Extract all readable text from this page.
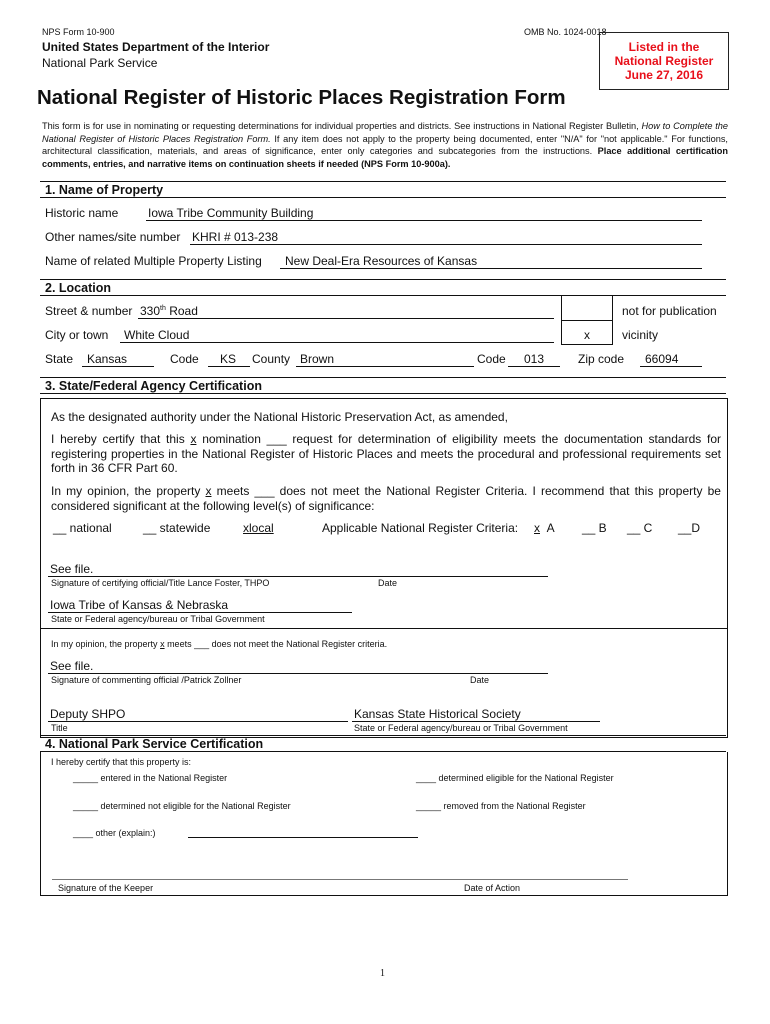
NPS Form 10-900	OMB No. 1024-0018
United States Department of the Interior
National Park Service
Listed in the
National Register
June 27, 2016
National Register of Historic Places Registration Form
This form is for use in nominating or requesting determinations for individual properties and districts. See instructions in National Register Bulletin, How to Complete the National Register of Historic Places Registration Form. If any item does not apply to the property being documented, enter "N/A" for "not applicable." For functions, architectural classification, materials, and areas of significance, enter only categories and subcategories from the instructions. Place additional certification comments, entries, and narrative items on continuation sheets if needed (NPS Form 10-900a).
1. Name of Property
Historic name Iowa Tribe Community Building
Other names/site number KHRI # 013-238
Name of related Multiple Property Listing New Deal-Era Resources of Kansas
2. Location
Street & number 330th Road	not for publication
City or town White Cloud	x	vicinity
State Kansas	Code KS County Brown	Code 013	Zip code 66094
3. State/Federal Agency Certification
As the designated authority under the National Historic Preservation Act, as amended,
I hereby certify that this x nomination ___ request for determination of eligibility meets the documentation standards for registering properties in the National Register of Historic Places and meets the procedural and professional requirements set forth in 36 CFR Part 60.
In my opinion, the property x meets ___ does not meet the National Register Criteria. I recommend that this property be considered significant at the following level(s) of significance:
__ national	__ statewide	xlocal	Applicable National Register Criteria: x A __ B __ C __D
See file.
Signature of certifying official/Title Lance Foster, THPO	Date
Iowa Tribe of Kansas & Nebraska
State or Federal agency/bureau or Tribal Government
In my opinion, the property x meets ___ does not meet the National Register criteria.
See file.
Signature of commenting official /Patrick Zollner	Date
Deputy SHPO
Title
Kansas State Historical Society
State or Federal agency/bureau or Tribal Government
4. National Park Service Certification
I hereby certify that this property is:
_____ entered in the National Register	____ determined eligible for the National Register
_____ determined not eligible for the National Register	_____ removed from the National Register
____ other (explain:)
Signature of the Keeper	Date of Action
1
